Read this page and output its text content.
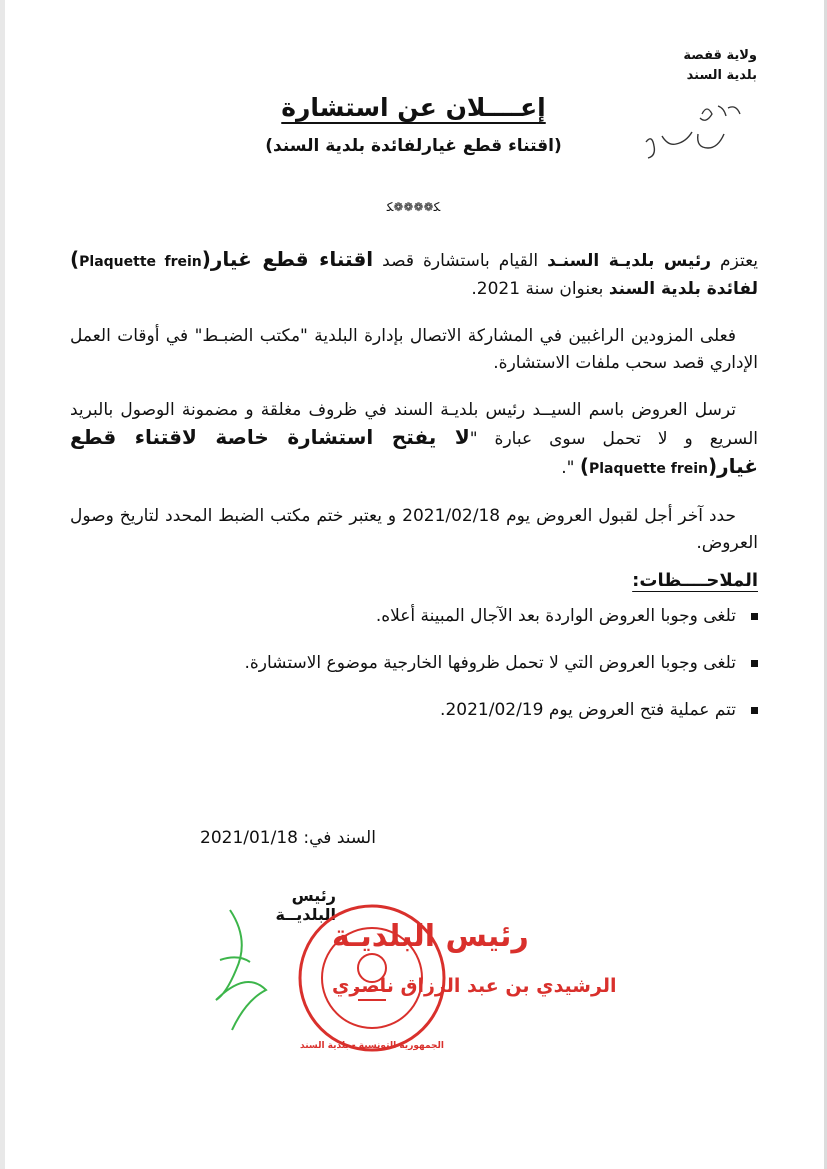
ولاية قفصة
بلدية السند
إعــــلان عن استشارة
(اقتناء قطع غيارلفائدة بلدية السند)
ﻜ❁❁❁❁ﻜ

يعتزم رئيس بلديـة السنـد القيام باستشارة قصد اقتناء قطع غيار(Plaquette frein) لفائدة بلدية السند بعنوان سنة 2021.

فعلى المزودين الراغبين في المشاركة الاتصال بإدارة البلدية "مكتب الضبـط" في أوقات العمل الإداري قصد سحب ملفات الاستشارة.

ترسل العروض باسم السيــد رئيس بلديـة السند في ظروف مغلقة و مضمونة الوصول بالبريد السريع و لا تحمل سوى عبارة "لا يفتح استشارة خاصة لاقتناء قطع غيار(Plaquette frein) ".

حدد آخر أجل لقبول العروض يوم 2021/02/18 و يعتبر ختم مكتب الضبط المحدد لتاريخ وصول العروض.

الملاحــــظات:
تلغى وجوبا العروض الواردة بعد الآجال المبينة أعلاه.
تلغى وجوبا العروض التي لا تحمل ظروفها الخارجية موضوع الاستشارة.
تتم عملية فتح العروض يوم 2021/02/19.
السند في: 2021/01/18
رئيس البلديــة
رئيس البلديـة
الرشيدي بن عبد الرزاق ناصري
الجمهورية التونسية - بلدية السند
